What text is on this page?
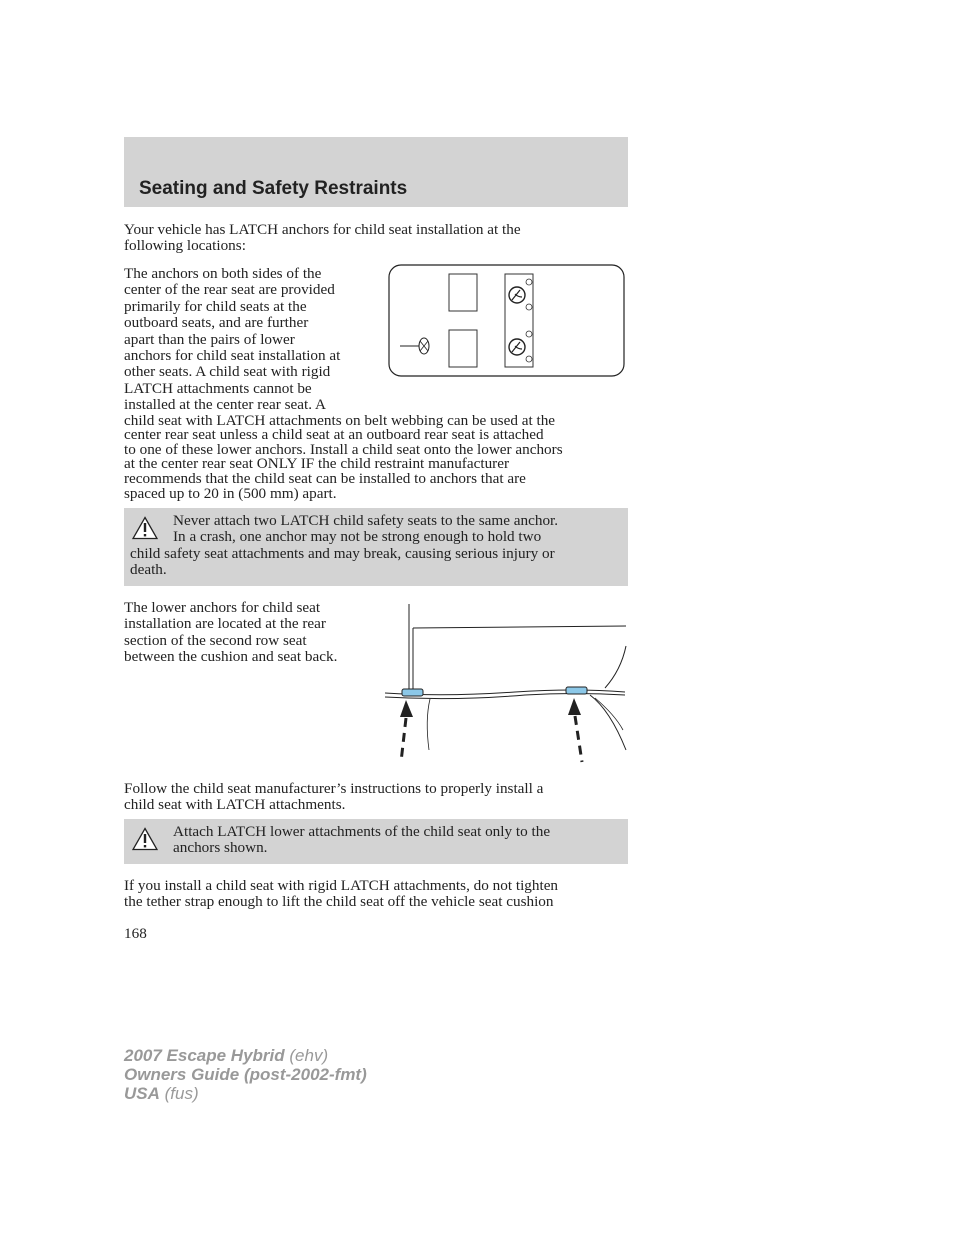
Seating and Safety Restraints
Your vehicle has LATCH anchors for child seat installation at the
following locations:
The anchors on both sides of the
center of the rear seat are provided
primarily for child seats at the
outboard seats, and are further
apart than the pairs of lower
anchors for child seat installation at
other seats. A child seat with rigid
LATCH attachments cannot be
installed at the center rear seat. A
child seat with LATCH attachments on belt webbing can be used at the
center rear seat unless a child seat at an outboard rear seat is attached
to one of these lower anchors. Install a child seat onto the lower anchors
at the center rear seat ONLY IF the child restraint manufacturer
recommends that the child seat can be installed to anchors that are
spaced up to 20 in (500 mm) apart.
Never attach two LATCH child safety seats to the same anchor.
In a crash, one anchor may not be strong enough to hold two
child safety seat attachments and may break, causing serious injury or
death.
The lower anchors for child seat
installation are located at the rear
section of the second row seat
between the cushion and seat back.
Follow the child seat manufacturer’s instructions to properly install a
child seat with LATCH attachments.
Attach LATCH lower attachments of the child seat only to the
anchors shown.
If you install a child seat with rigid LATCH attachments, do not tighten
the tether strap enough to lift the child seat off the vehicle seat cushion
168
2007 Escape Hybrid (ehv)
Owners Guide (post-2002-fmt)
USA (fus)
